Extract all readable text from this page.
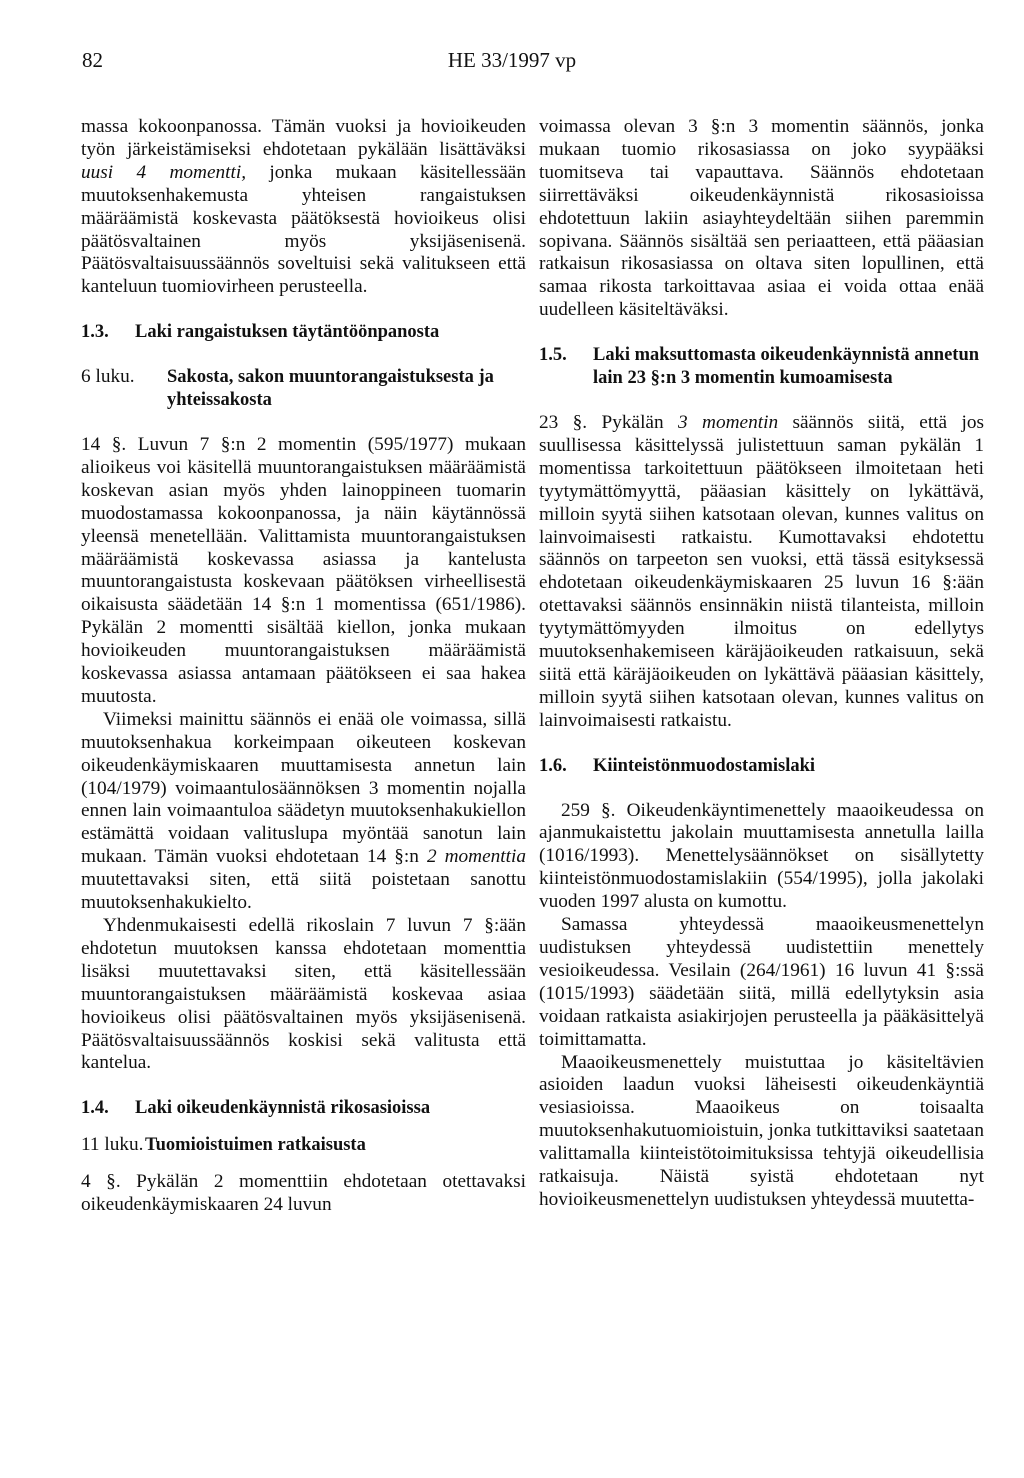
82	HE 33/1997 vp

massa kokoonpanossa. Tämän vuoksi ja hovioikeuden työn järkeistämiseksi ehdotetaan pykälään lisättäväksi uusi 4 momentti, jonka mukaan käsitellessään muutoksenhakemusta yhteisen rangaistuksen määräämistä koskevasta päätöksestä hovioikeus olisi päätösvaltainen myös yksijäsenisenä. Päätösvaltaisuussäännös soveltuisi sekä valitukseen että kanteluun tuomiovirheen perusteella.

1.3.	Laki rangaistuksen täytäntöönpanosta
6 luku.	Sakosta, sakon muuntorangaistuksesta ja yhteissakosta

14 §. Luvun 7 §:n 2 momentin (595/1977) mukaan alioikeus voi käsitellä muuntorangaistuksen määräämistä koskevan asian myös yhden lainoppineen tuomarin muodostamassa kokoonpanossa, ja näin käytännössä yleensä menetellään. Valittamista muuntorangaistuksen määräämistä koskevassa asiassa ja kantelusta muuntorangaistusta koskevaan päätöksen virheellisestä oikaisusta säädetään 14 §:n 1 momentissa (651/1986). Pykälän 2 momentti sisältää kiellon, jonka mukaan hovioikeuden muuntorangaistuksen määräämistä koskevassa asiassa antamaan päätökseen ei saa hakea muutosta.

Viimeksi mainittu säännös ei enää ole voimassa, sillä muutoksenhakua korkeimpaan oikeuteen koskevan oikeudenkäymiskaaren muuttamisesta annetun lain (104/1979) voimaantulosäännöksen 3 momentin nojalla ennen lain voimaantuloa säädetyn muutoksenhakukiellon estämättä voidaan valituslupa myöntää sanotun lain mukaan. Tämän vuoksi ehdotetaan 14 §:n 2 momenttia muutettavaksi siten, että siitä poistetaan sanottu muutoksenhakukielto.

Yhdenmukaisesti edellä rikoslain 7 luvun 7 §:ään ehdotetun muutoksen kanssa ehdotetaan momenttia lisäksi muutettavaksi siten, että käsitellessään muuntorangaistuksen määräämistä koskevaa asiaa hovioikeus olisi päätösvaltainen myös yksijäsenisenä. Päätösvaltaisuussäännös koskisi sekä valitusta että kantelua.

1.4.	Laki oikeudenkäynnistä rikosasioissa
11 luku. Tuomioistuimen ratkaisusta

4 §. Pykälän 2 momenttiin ehdotetaan otettavaksi oikeudenkäymiskaaren 24 luvun

voimassa olevan 3 §:n 3 momentin säännös, jonka mukaan tuomio rikosasiassa on joko syypääksi tuomitseva tai vapauttava. Säännös ehdotetaan siirrettäväksi oikeudenkäynnistä rikosasioissa ehdotettuun lakiin asiayhteydeltään siihen paremmin sopivana. Säännös sisältää sen periaatteen, että pääasian ratkaisun rikosasiassa on oltava siten lopullinen, että samaa rikosta tarkoittavaa asiaa ei voida ottaa enää uudelleen käsiteltäväksi.

1.5.	Laki maksuttomasta oikeudenkäynnistä annetun lain 23 §:n 3 momentin kumoamisesta

23 §. Pykälän 3 momentin säännös siitä, että jos suullisessa käsittelyssä julistettuun saman pykälän 1 momentissa tarkoitettuun päätökseen ilmoitetaan heti tyytymättömyyttä, pääasian käsittely on lykättävä, milloin syytä siihen katsotaan olevan, kunnes valitus on lainvoimaisesti ratkaistu. Kumottavaksi ehdotettu säännös on tarpeeton sen vuoksi, että tässä esityksessä ehdotetaan oikeudenkäymiskaaren 25 luvun 16 §:ään otettavaksi säännös ensinnäkin niistä tilanteista, milloin tyytymättömyyden ilmoitus on edellytys muutoksenhakemiseen käräjäoikeuden ratkaisuun, sekä siitä että käräjäoikeuden on lykättävä pääasian käsittely, milloin syytä siihen katsotaan olevan, kunnes valitus on lainvoimaisesti ratkaistu.

1.6.	Kiinteistönmuodostamislaki

259 §. Oikeudenkäyntimenettely maaoikeudessa on ajanmukaistettu jakolain muuttamisesta annetulla lailla (1016/1993). Menettelysäännökset on sisällytetty kiinteistönmuodostamislakiin (554/1995), jolla jakolaki vuoden 1997 alusta on kumottu.

Samassa yhteydessä maaoikeusmenettelyn uudistuksen yhteydessä uudistettiin menettely vesioikeudessa. Vesilain (264/1961) 16 luvun 41 §:ssä (1015/1993) säädetään siitä, millä edellytyksin asia voidaan ratkaista asiakirjojen perusteella ja pääkäsittelyä toimittamatta.

Maaoikeusmenettely muistuttaa jo käsiteltävien asioiden laadun vuoksi läheisesti oikeudenkäyntiä vesiasioissa. Maaoikeus on toisaalta muutoksenhakutuomioistuin, jonka tutkittaviksi saatetaan valittamalla kiinteistötoimituksissa tehtyjä oikeudellisia ratkaisuja. Näistä syistä ehdotetaan nyt hovioikeusmenettelyn uudistuksen yhteydessä muutetta-
